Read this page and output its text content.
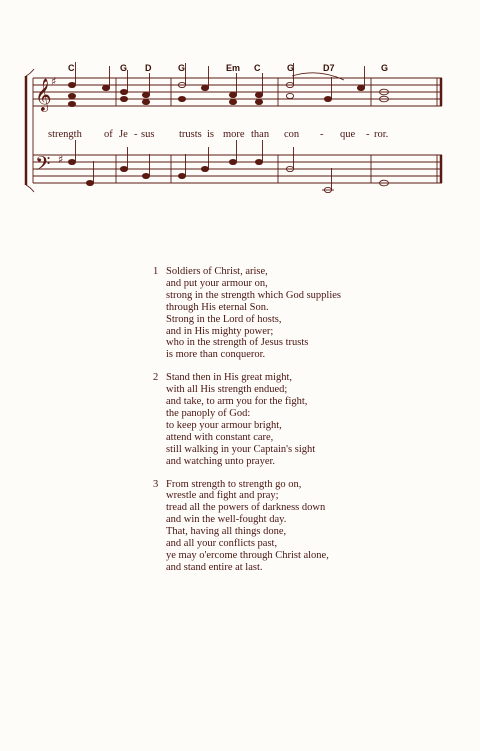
𝄞 ♯
𝄢 ♯
C	G D	G	Em C	G	D7	G
strength of Je - sus trusts is more than con - que - ror.
1 Soldiers of Christ, arise,
and put your armour on,
strong in the strength which God supplies
through His eternal Son.
Strong in the Lord of hosts,
and in His mighty power;
who in the strength of Jesus trusts
is more than conqueror.
2 Stand then in His great might,
with all His strength endued;
and take, to arm you for the fight,
the panoply of God:
to keep your armour bright,
attend with constant care,
still walking in your Captain's sight
and watching unto prayer.
3 From strength to strength go on,
wrestle and fight and pray;
tread all the powers of darkness down
and win the well-fought day.
That, having all things done,
and all your conflicts past,
ye may o'ercome through Christ alone,
and stand entire at last.
